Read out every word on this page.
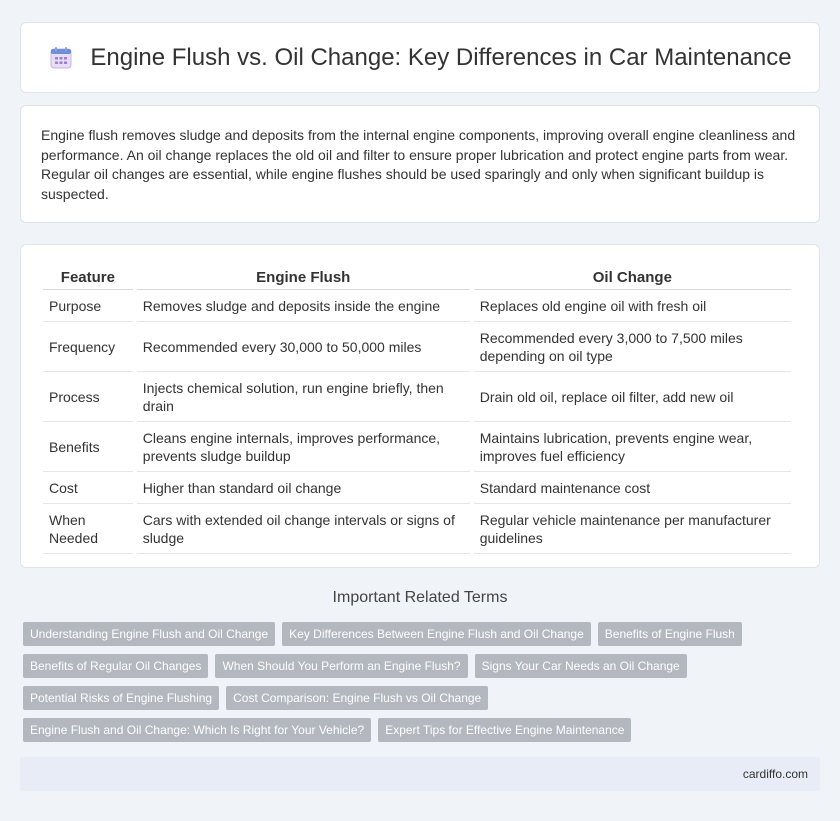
Engine Flush vs. Oil Change: Key Differences in Car Maintenance

Engine flush removes sludge and deposits from the internal engine components, improving overall engine cleanliness and performance. An oil change replaces the old oil and filter to ensure proper lubrication and protect engine parts from wear. Regular oil changes are essential, while engine flushes should be used sparingly and only when significant buildup is suspected.

Feature	Engine Flush	Oil Change
Purpose	Removes sludge and deposits inside the engine	Replaces old engine oil with fresh oil
Frequency	Recommended every 30,000 to 50,000 miles	Recommended every 3,000 to 7,500 miles depending on oil type
Process	Injects chemical solution, run engine briefly, then drain	Drain old oil, replace oil filter, add new oil
Benefits	Cleans engine internals, improves performance, prevents sludge buildup	Maintains lubrication, prevents engine wear, improves fuel efficiency
Cost	Higher than standard oil change	Standard maintenance cost
When Needed	Cars with extended oil change intervals or signs of sludge	Regular vehicle maintenance per manufacturer guidelines
Important Related Terms
Understanding Engine Flush and Oil Change	Key Differences Between Engine Flush and Oil Change	Benefits of Engine Flush
Benefits of Regular Oil Changes	When Should You Perform an Engine Flush?	Signs Your Car Needs an Oil Change
Potential Risks of Engine Flushing	Cost Comparison: Engine Flush vs Oil Change
Engine Flush and Oil Change: Which Is Right for Your Vehicle?	Expert Tips for Effective Engine Maintenance
cardiffo.com
